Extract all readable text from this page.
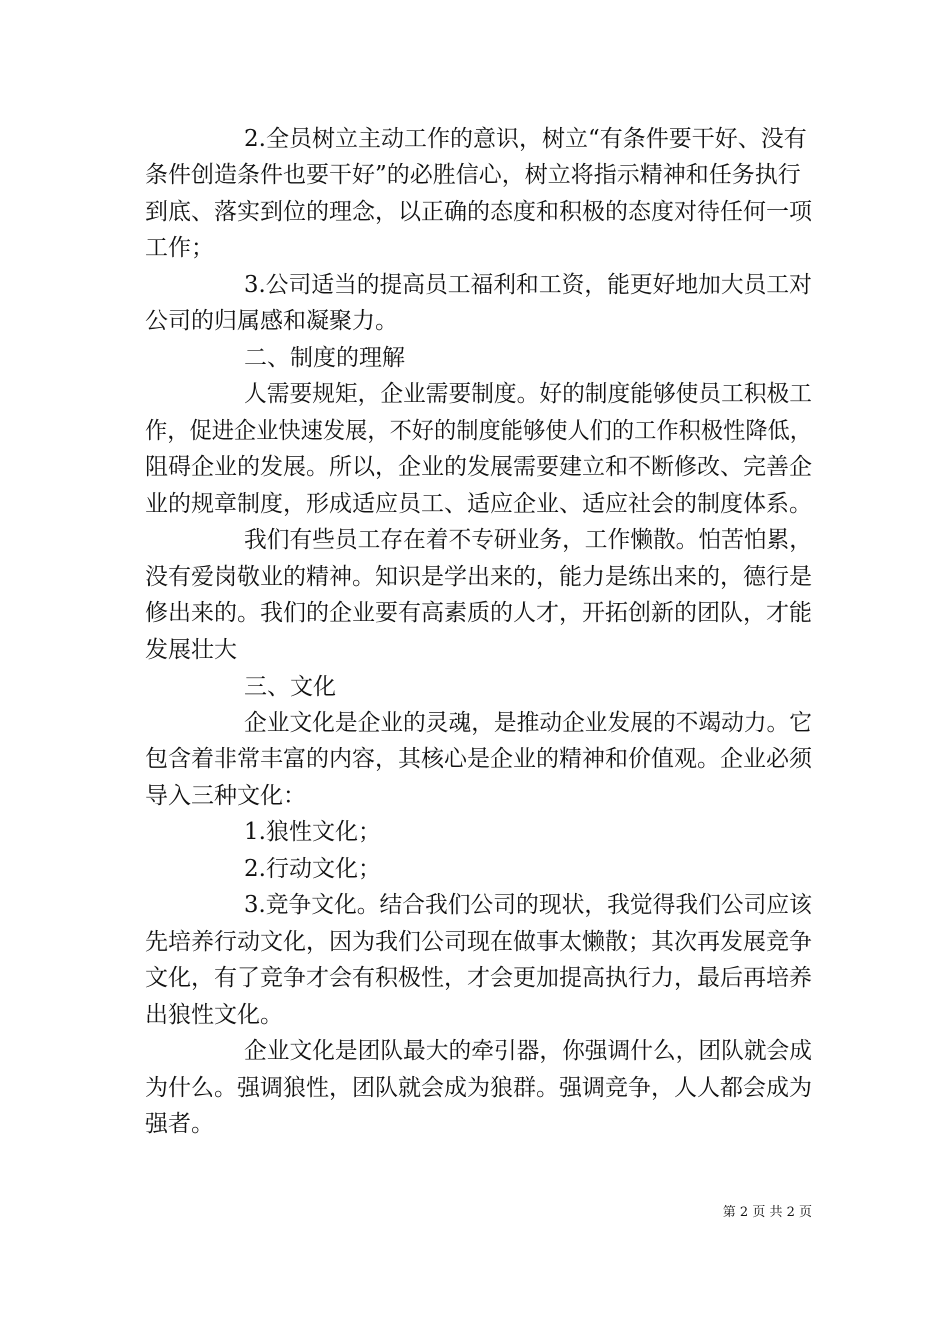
2.全员树立主动工作的意识，树立“有条件要干好、没有
条件创造条件也要干好”的必胜信心，树立将指示精神和任务执行
到底、落实到位的理念，以正确的态度和积极的态度对待任何一项
工作；
3.公司适当的提高员工福利和工资，能更好地加大员工对
公司的归属感和凝聚力。
二、制度的理解
人需要规矩，企业需要制度。好的制度能够使员工积极工
作，促进企业快速发展，不好的制度能够使人们的工作积极性降低，
阻碍企业的发展。所以，企业的发展需要建立和不断修改、完善企
业的规章制度，形成适应员工、适应企业、适应社会的制度体系。
我们有些员工存在着不专研业务，工作懒散。怕苦怕累，
没有爱岗敬业的精神。知识是学出来的，能力是练出来的，德行是
修出来的。我们的企业要有高素质的人才，开拓创新的团队，才能
发展壮大
三、文化
企业文化是企业的灵魂，是推动企业发展的不竭动力。它
包含着非常丰富的内容，其核心是企业的精神和价值观。企业必须
导入三种文化：
1.狼性文化；
2.行动文化；
3.竞争文化。结合我们公司的现状，我觉得我们公司应该
先培养行动文化，因为我们公司现在做事太懒散；其次再发展竞争
文化，有了竞争才会有积极性，才会更加提高执行力，最后再培养
出狼性文化。
企业文化是团队最大的牵引器，你强调什么，团队就会成
为什么。强调狼性，团队就会成为狼群。强调竞争，人人都会成为
强者。
第 2 页 共 2 页
